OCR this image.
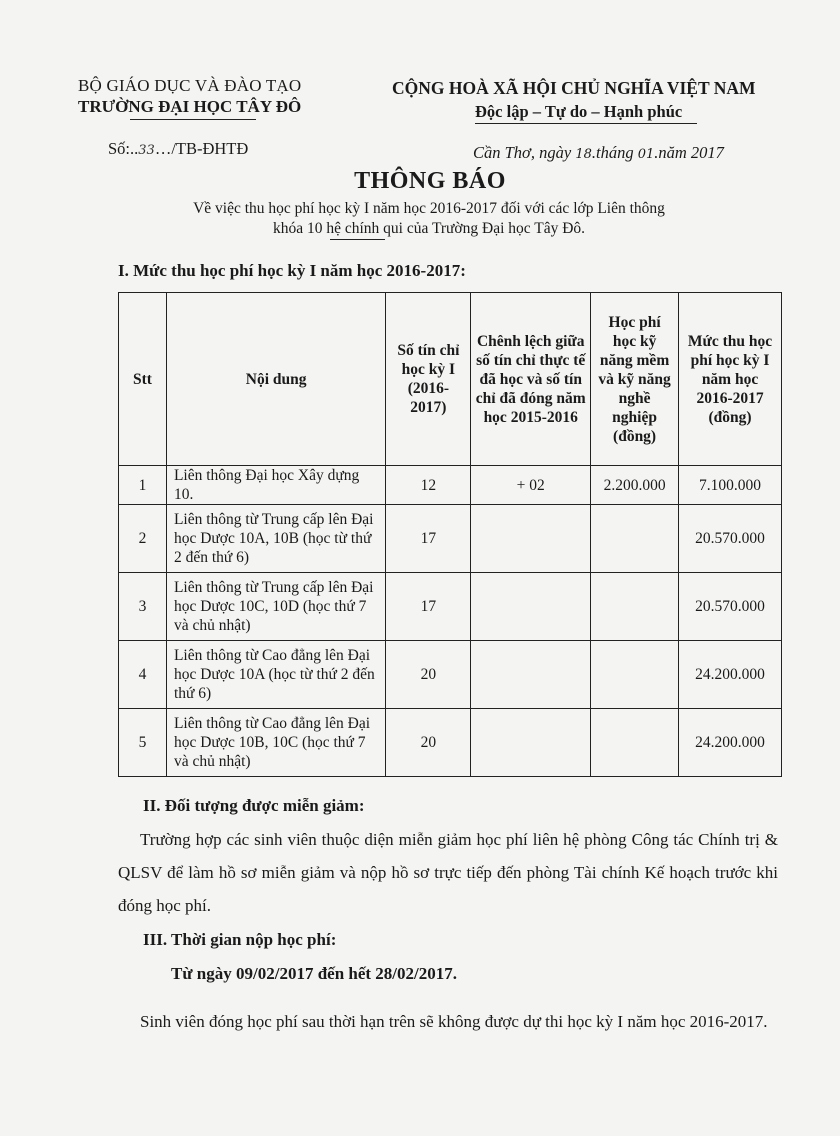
BỘ GIÁO DỤC VÀ ĐÀO TẠO
TRƯỜNG ĐẠI HỌC TÂY ĐÔ
CỘNG HOÀ XÃ HỘI CHỦ NGHĨA VIỆT NAM
Độc lập – Tự do – Hạnh phúc
Số:..33…/TB-ĐHTĐ	Cần Thơ, ngày 18.tháng 01.năm 2017
THÔNG BÁO
Về việc thu học phí học kỳ I năm học 2016-2017 đối với các lớp Liên thông
khóa 10 hệ chính qui của Trường Đại học Tây Đô.
I. Mức thu học phí học kỳ I năm học 2016-2017:
Stt	Nội dung	Số tín chỉ học kỳ I (2016-2017)	Chênh lệch giữa số tín chỉ thực tế đã học và số tín chỉ đã đóng năm học 2015-2016	Học phí học kỹ năng mềm và kỹ năng nghề nghiệp (đồng)	Mức thu học phí học kỳ I năm học 2016-2017 (đồng)
1	Liên thông Đại học Xây dựng 10.	12	+ 02	2.200.000	7.100.000
2	Liên thông từ Trung cấp lên Đại học Dược 10A, 10B (học từ thứ 2 đến thứ 6)	17			20.570.000
3	Liên thông từ Trung cấp lên Đại học Dược 10C, 10D (học thứ 7 và chủ nhật)	17			20.570.000
4	Liên thông từ Cao đẳng lên Đại học Dược 10A (học từ thứ 2 đến thứ 6)	20			24.200.000
5	Liên thông từ Cao đẳng lên Đại học Dược 10B, 10C (học thứ 7 và chủ nhật)	20			24.200.000
II. Đối tượng được miễn giảm:
Trường hợp các sinh viên thuộc diện miễn giảm học phí liên hệ phòng Công tác Chính trị & QLSV để làm hồ sơ miễn giảm và nộp hồ sơ trực tiếp đến phòng Tài chính Kế hoạch trước khi đóng học phí.
III. Thời gian nộp học phí:
Từ ngày 09/02/2017 đến hết 28/02/2017.
Sinh viên đóng học phí sau thời hạn trên sẽ không được dự thi học kỳ I năm học 2016-2017.
